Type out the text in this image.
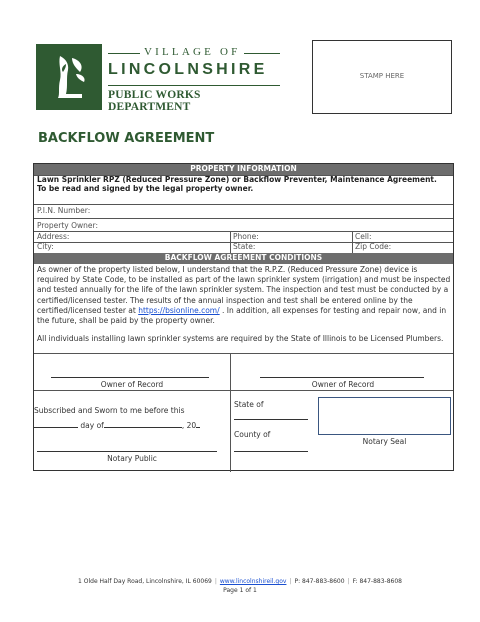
VILLAGE OF
LINCOLNSHIRE
PUBLIC WORKS DEPARTMENT
STAMP HERE
BACKFLOW AGREEMENT
PROPERTY INFORMATION
Lawn Sprinkler RPZ (Reduced Pressure Zone) or Backflow Preventer, Maintenance Agreement.
To be read and signed by the legal property owner.
P.I.N. Number:
Property Owner:
Address:	Phone:	Cell:
City:	State:	Zip Code:
BACKFLOW AGREEMENT CONDITIONS
As owner of the property listed below, I understand that the R.P.Z. (Reduced Pressure Zone) device is required by State Code, to be installed as part of the lawn sprinkler system (irrigation) and must be inspected and tested annually for the life of the lawn sprinkler system. The inspection and test must be conducted by a certified/licensed tester. The results of the annual inspection and test shall be entered online by the certified/licensed tester at https://bsionline.com/ . In addition, all expenses for testing and repair now, and in the future, shall be paid by the property owner.
All individuals installing lawn sprinkler systems are required by the State of Illinois to be Licensed Plumbers.
Owner of Record	Owner of Record
Subscribed and Sworn to me before this
day of	, 20
Notary Public
State of
County of
Notary Seal
1 Olde Half Day Road, Lincolnshire, IL 60069 | www.lincolnshireil.gov | P: 847-883-8600 | F: 847-883-8608
Page 1 of 1
